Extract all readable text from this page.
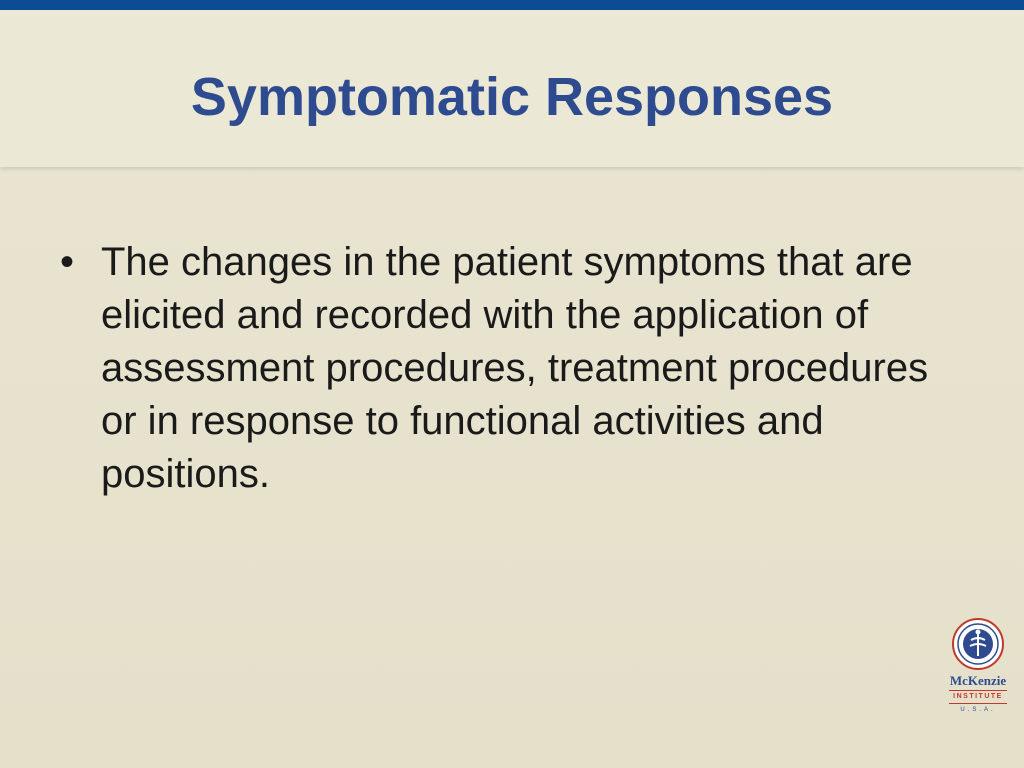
Symptomatic Responses
• The changes in the patient symptoms that are elicited and recorded with the application of assessment procedures, treatment procedures or in response to functional activities and positions.
McKenzie
INSTITUTE
U.S.A.
